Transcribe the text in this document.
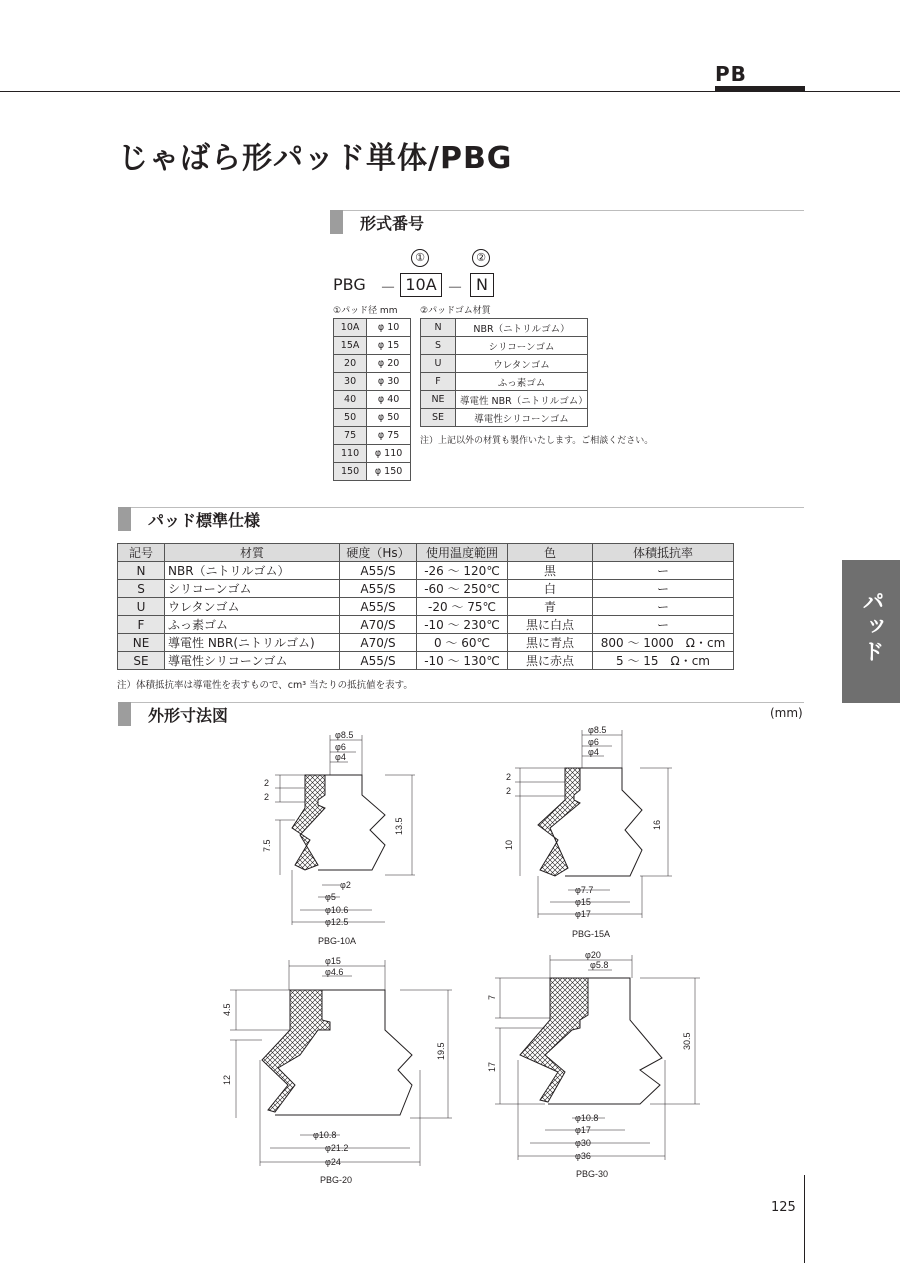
PB
じゃばら形パッド単体/PBG
形式番号
①	②
PBG － 10A － N
①パッド径 mm	②パッドゴム材質
10A	φ 10
15A	φ 15
20	φ 20
30	φ 30
40	φ 40
50	φ 50
75	φ 75
110	φ 110
150	φ 150
N	NBR（ニトリルゴム）
S	シリコーンゴム
U	ウレタンゴム
F	ふっ素ゴム
NE	導電性 NBR（ニトリルゴム）
SE	導電性シリコーンゴム
注）上記以外の材質も製作いたします。ご相談ください。
パッド標準仕様
記号	材質	硬度（Hs）	使用温度範囲	色	体積抵抗率
N	NBR（ニトリルゴム）	A55/S	-26 ～ 120℃	黒	ー
S	シリコーンゴム	A55/S	-60 ～ 250℃	白	ー
U	ウレタンゴム	A55/S	-20 ～ 75℃	青	ー
F	ふっ素ゴム	A70/S	-10 ～ 230℃	黒に白点	ー
NE	導電性 NBR(ニトリルゴム)	A70/S	0 ～ 60℃	黒に青点	800 ～ 1000　Ω・cm
SE	導電性シリコーンゴム	A55/S	-10 ～ 130℃	黒に赤点	5 ～ 15　Ω・cm
注）体積抵抗率は導電性を表すもので、cm³ 当たりの抵抗値を表す。
外形寸法図	(mm)
φ8.5
φ6
φ4
2
2
13.5
7.5
φ2
φ5
φ10.6
φ12.5
PBG-10A
φ8.5
φ6
φ4
2
2
16
10
φ7.7
φ15
φ17
PBG-15A
φ15
φ4.6
4.5
19.5
12
φ10.8
φ21.2
φ24
PBG-20
φ20
φ5.8
7
30.5
17
φ10.8
φ17
φ30
φ36
PBG-30
パッド
125
